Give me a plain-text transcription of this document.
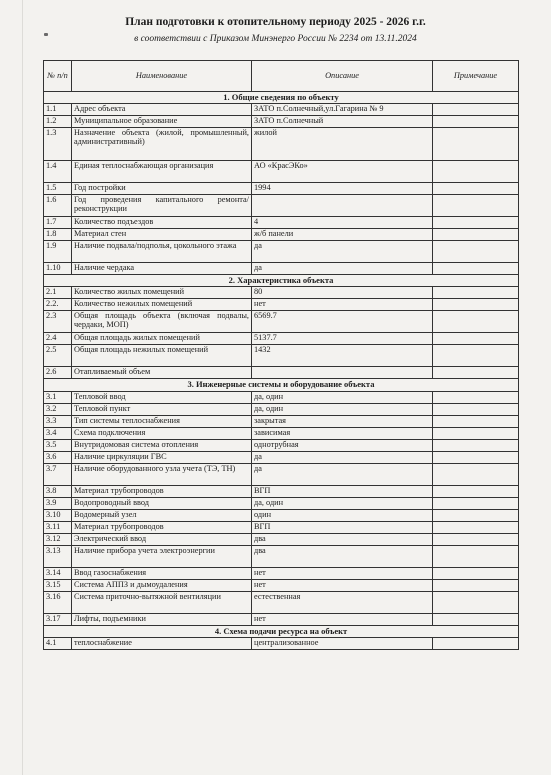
План подготовки к отопительному периоду 2025 - 2026 г.г.
в соответствии с Приказом Минэнерго России № 2234 от 13.11.2024
№ п/п	Наименование	Описание	Примечание
1. Общие сведения по объекту			
1.1	Адрес объекта	ЗАТО п.Солнечный,ул.Гагарина № 9	
1.2	Муниципальное образование	ЗАТО п.Солнечный	
1.3	Назначение объекта (жилой, промышленный, административный)	жилой	
1.4	Единая теплоснабжающая организация	АО «КрасЭКо»	
1.5	Год постройки	1994	
1.6	Год проведения капитального ремонта/реконструкции		
1.7	Количество подъездов	4	
1.8	Материал стен	ж/б панели	
1.9	Наличие подвала/подполья, цокольного этажа	да	
1.10	Наличие чердака	да	
2. Характеристика объекта			
2.1	Количество жилых помещений	80	
2.2.	Количество нежилых помещений	нет	
2.3	Общая площадь объекта (включая подвалы, чердаки, МОП)	6569.7	
2.4	Общая площадь жилых помещений	5137.7	
2.5	Общая площадь нежилых помещений	1432	
2.6	Отапливаемый объем		
3. Инженерные системы и оборудование объекта			
3.1	Тепловой ввод	да, один	
3.2	Тепловой пункт	да, один	
3.3	Тип системы теплоснабжения	закрытая	
3.4	Схема подключения	зависимая	
3.5	Внутридомовая система отопления	однотрубная	
3.6	Наличие циркуляции ГВС	да	
3.7	Наличие оборудованного узла учета (ТЭ, ТН)	да	
3.8	Материал трубопроводов	ВГП	
3.9	Водопроводный ввод	да, один	
3.10	Водомерный узел	один	
3.11	Материал трубопроводов	ВГП	
3.12	Электрический ввод	два	
3.13	Наличие прибора учета электроэнергии	два	
3.14	Ввод газоснабжения	нет	
3.15	Система АППЗ и дымоудаления	нет	
3.16	Система приточно-вытяжной вентиляции	естественная	
3.17	Лифты, подъемники	нет	
4. Схема подачи ресурса на объект			
4.1	теплоснабжение	централизованное	
